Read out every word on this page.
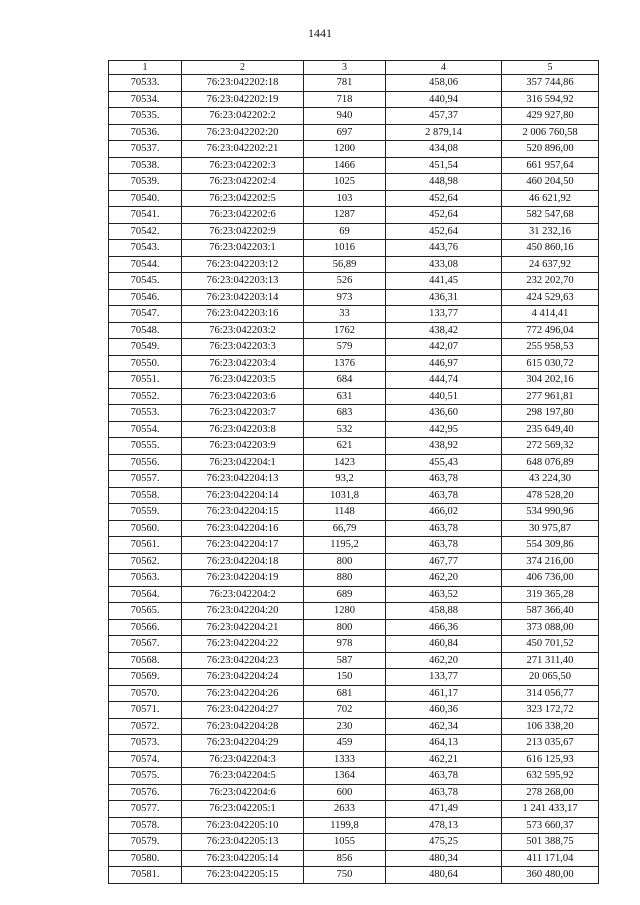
1441
1	2	3	4	5
70533.	76:23:042202:18	781	458,06	357 744,86
70534.	76:23:042202:19	718	440,94	316 594,92
70535.	76:23:042202:2	940	457,37	429 927,80
70536.	76:23:042202:20	697	2 879,14	2 006 760,58
70537.	76:23:042202:21	1200	434,08	520 896,00
70538.	76:23:042202:3	1466	451,54	661 957,64
70539.	76:23:042202:4	1025	448,98	460 204,50
70540.	76:23:042202:5	103	452,64	46 621,92
70541.	76:23:042202:6	1287	452,64	582 547,68
70542.	76:23:042202:9	69	452,64	31 232,16
70543.	76:23:042203:1	1016	443,76	450 860,16
70544.	76:23:042203:12	56,89	433,08	24 637,92
70545.	76:23:042203:13	526	441,45	232 202,70
70546.	76:23:042203:14	973	436,31	424 529,63
70547.	76:23:042203:16	33	133,77	4 414,41
70548.	76:23:042203:2	1762	438,42	772 496,04
70549.	76:23:042203:3	579	442,07	255 958,53
70550.	76:23:042203:4	1376	446,97	615 030,72
70551.	76:23:042203:5	684	444,74	304 202,16
70552.	76:23:042203:6	631	440,51	277 961,81
70553.	76:23:042203:7	683	436,60	298 197,80
70554.	76:23:042203:8	532	442,95	235 649,40
70555.	76:23:042203:9	621	438,92	272 569,32
70556.	76:23:042204:1	1423	455,43	648 076,89
70557.	76:23:042204:13	93,2	463,78	43 224,30
70558.	76:23:042204:14	1031,8	463,78	478 528,20
70559.	76:23:042204:15	1148	466,02	534 990,96
70560.	76:23:042204:16	66,79	463,78	30 975,87
70561.	76:23:042204:17	1195,2	463,78	554 309,86
70562.	76:23:042204:18	800	467,77	374 216,00
70563.	76:23:042204:19	880	462,20	406 736,00
70564.	76:23:042204:2	689	463,52	319 365,28
70565.	76:23:042204:20	1280	458,88	587 366,40
70566.	76:23:042204:21	800	466,36	373 088,00
70567.	76:23:042204:22	978	460,84	450 701,52
70568.	76:23:042204:23	587	462,20	271 311,40
70569.	76:23:042204:24	150	133,77	20 065,50
70570.	76:23:042204:26	681	461,17	314 056,77
70571.	76:23:042204:27	702	460,36	323 172,72
70572.	76:23:042204:28	230	462,34	106 338,20
70573.	76:23:042204:29	459	464,13	213 035,67
70574.	76:23:042204:3	1333	462,21	616 125,93
70575.	76:23:042204:5	1364	463,78	632 595,92
70576.	76:23:042204:6	600	463,78	278 268,00
70577.	76:23:042205:1	2633	471,49	1 241 433,17
70578.	76:23:042205:10	1199,8	478,13	573 660,37
70579.	76:23:042205:13	1055	475,25	501 388,75
70580.	76:23:042205:14	856	480,34	411 171,04
70581.	76:23:042205:15	750	480,64	360 480,00
